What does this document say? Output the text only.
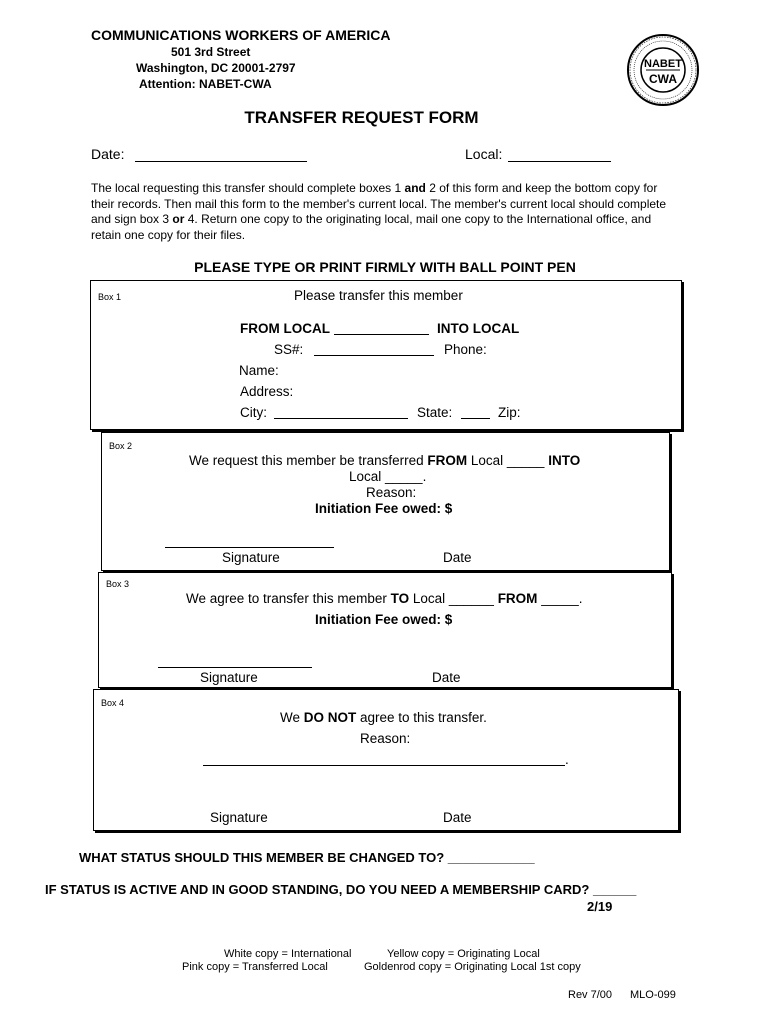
COMMUNICATIONS WORKERS OF AMERICA
501 3rd Street
Washington, DC 20001-2797
Attention: NABET-CWA
NABET
CWA
TRANSFER REQUEST FORM
Date:	Local:
The local requesting this transfer should complete boxes 1 and 2 of this form and keep the bottom copy for their records. Then mail this form to the member's current local. The member's current local should complete and sign box 3 or 4. Return one copy to the originating local, mail one copy to the International office, and retain one copy for their files.
PLEASE TYPE OR PRINT FIRMLY WITH BALL POINT PEN
Box 1	Please transfer this member
FROM LOCAL	INTO LOCAL
SS#:	Phone:
Name:
Address:
City:	State:	Zip:
Box 2
We request this member be transferred FROM Local _____ INTO
Local _____.
Reason:
Initiation Fee owed: $
Signature	Date
Box 3
We agree to transfer this member TO Local ______ FROM _____.
Initiation Fee owed: $
Signature	Date
Box 4
We DO NOT agree to this transfer.
Reason:
.
Signature	Date
WHAT STATUS SHOULD THIS MEMBER BE CHANGED TO? ____________
IF STATUS IS ACTIVE AND IN GOOD STANDING, DO YOU NEED A MEMBERSHIP CARD? ______
2/19
White copy = International	Yellow copy = Originating Local
Pink copy = Transferred Local	Goldenrod copy = Originating Local 1st copy
Rev 7/00 MLO-099
